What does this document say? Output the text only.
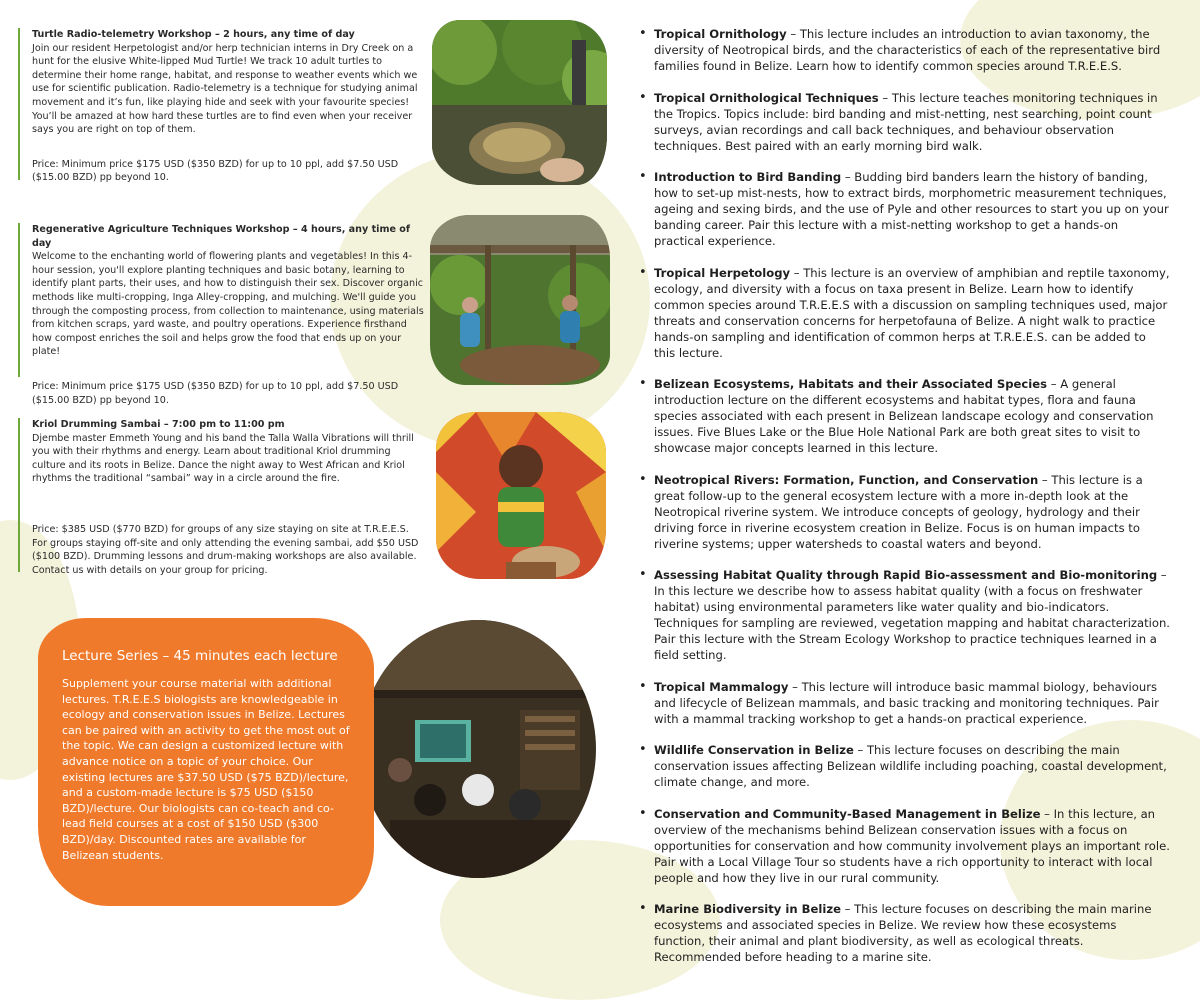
Turtle Radio-telemetry Workshop – 2 hours, any time of day

Join our resident Herpetologist and/or herp technician interns in Dry Creek on a hunt for the elusive White-lipped Mud Turtle! We track 10 adult turtles to determine their home range, habitat, and response to weather events which we use for scientific publication. Radio-telemetry is a technique for studying animal movement and it’s fun, like playing hide and seek with your favourite species! You’ll be amazed at how hard these turtles are to find even when your receiver says you are right on top of them.

Price: Minimum price $175 USD ($350 BZD) for up to 10 ppl, add $7.50 USD ($15.00 BZD) pp beyond 10.
Regenerative Agriculture Techniques Workshop – 4 hours, any time of day

Welcome to the enchanting world of flowering plants and vegetables! In this 4-hour session, you'll explore planting techniques and basic botany, learning to identify plant parts, their uses, and how to distinguish their sex. Discover organic methods like multi-cropping, Inga Alley-cropping, and mulching. We'll guide you through the composting process, from collection to maintenance, using materials from kitchen scraps, yard waste, and poultry operations. Experience firsthand how compost enriches the soil and helps grow the food that ends up on your plate!

Price: Minimum price $175 USD ($350 BZD) for up to 10 ppl, add $7.50 USD ($15.00 BZD) pp beyond 10.
Kriol Drumming Sambai – 7:00 pm to 11:00 pm

Djembe master Emmeth Young and his band the Talla Walla Vibrations will thrill you with their rhythms and energy. Learn about traditional Kriol drumming culture and its roots in Belize. Dance the night away to West African and Kriol rhythms the traditional “sambai” way in a circle around the fire.

Price: $385 USD ($770 BZD) for groups of any size staying on site at T.R.E.E.S. For groups staying off-site and only attending the evening sambai, add $50 USD ($100 BZD). Drumming lessons and drum-making workshops are also available. Contact us with details on your group for pricing.
Lecture Series – 45 minutes each lecture
Supplement your course material with additional lectures. T.R.E.E.S biologists are knowledgeable in ecology and conservation issues in Belize. Lectures can be paired with an activity to get the most out of the topic. We can design a customized lecture with advance notice on a topic of your choice. Our existing lectures are $37.50 USD ($75 BZD)/lecture, and a custom-made lecture is $75 USD ($150 BZD)/lecture. Our biologists can co-teach and co-lead field courses at a cost of $150 USD ($300 BZD)/day. Discounted rates are available for Belizean students.
• Tropical Ornithology – This lecture includes an introduction to avian taxonomy, the diversity of Neotropical birds, and the characteristics of each of the representative bird families found in Belize. Learn how to identify common species around T.R.E.E.S.
• Tropical Ornithological Techniques – This lecture teaches monitoring techniques in the Tropics. Topics include: bird banding and mist-netting, nest searching, point count surveys, avian recordings and call back techniques, and behaviour observation techniques. Best paired with an early morning bird walk.
• Introduction to Bird Banding – Budding bird banders learn the history of banding, how to set-up mist-nests, how to extract birds, morphometric measurement techniques, ageing and sexing birds, and the use of Pyle and other resources to start you up on your banding career. Pair this lecture with a mist-netting workshop to get a hands-on practical experience.
• Tropical Herpetology – This lecture is an overview of amphibian and reptile taxonomy, ecology, and diversity with a focus on taxa present in Belize. Learn how to identify common species around T.R.E.E.S with a discussion on sampling techniques used, major threats and conservation concerns for herpetofauna of Belize. A night walk to practice hands-on sampling and identification of common herps at T.R.E.E.S. can be added to this lecture.
• Belizean Ecosystems, Habitats and their Associated Species – A general introduction lecture on the different ecosystems and habitat types, flora and fauna species associated with each present in Belizean landscape ecology and conservation issues. Five Blues Lake or the Blue Hole National Park are both great sites to visit to showcase major concepts learned in this lecture.
• Neotropical Rivers: Formation, Function, and Conservation – This lecture is a great follow-up to the general ecosystem lecture with a more in-depth look at the Neotropical riverine system. We introduce concepts of geology, hydrology and their driving force in riverine ecosystem creation in Belize. Focus is on human impacts to riverine systems; upper watersheds to coastal waters and beyond.
• Assessing Habitat Quality through Rapid Bio-assessment and Bio-monitoring – In this lecture we describe how to assess habitat quality (with a focus on freshwater habitat) using environmental parameters like water quality and bio-indicators. Techniques for sampling are reviewed, vegetation mapping and habitat characterization. Pair this lecture with the Stream Ecology Workshop to practice techniques learned in a field setting.
• Tropical Mammalogy – This lecture will introduce basic mammal biology, behaviours and lifecycle of Belizean mammals, and basic tracking and monitoring techniques. Pair with a mammal tracking workshop to get a hands-on practical experience.
• Wildlife Conservation in Belize – This lecture focuses on describing the main conservation issues affecting Belizean wildlife including poaching, coastal development, climate change, and more.
• Conservation and Community-Based Management in Belize – In this lecture, an overview of the mechanisms behind Belizean conservation issues with a focus on opportunities for conservation and how community involvement plays an important role. Pair with a Local Village Tour so students have a rich opportunity to interact with local people and how they live in our rural community.
• Marine Biodiversity in Belize – This lecture focuses on describing the main marine ecosystems and associated species in Belize. We review how these ecosystems function, their animal and plant biodiversity, as well as ecological threats. Recommended before heading to a marine site.
